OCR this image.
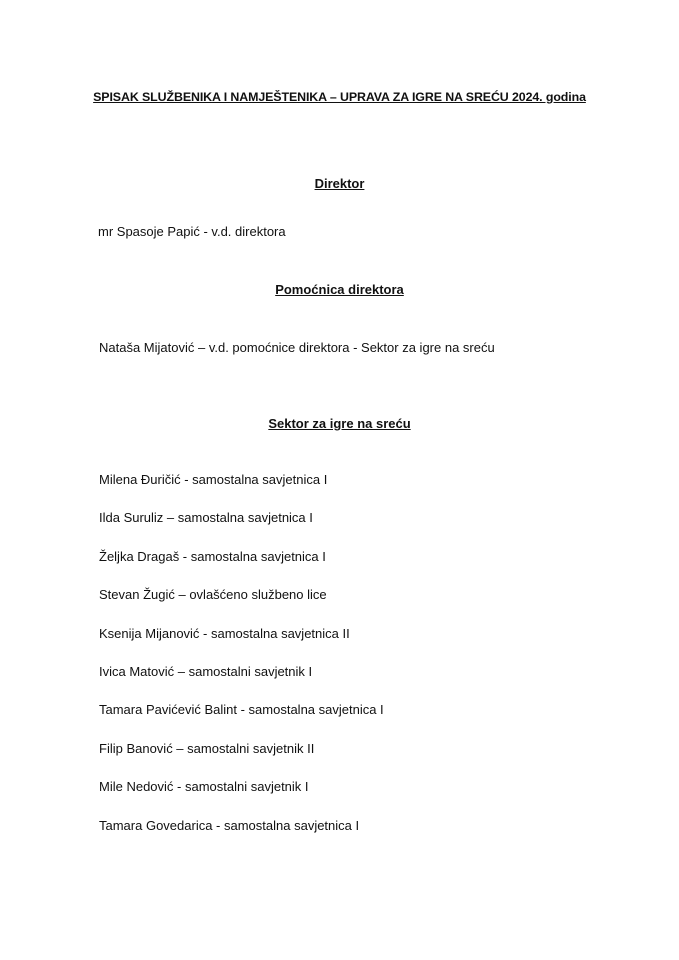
SPISAK SLUŽBENIKA I NAMJEŠTENIKA – UPRAVA ZA IGRE NA SREĆU 2024. godina
Direktor
mr Spasoje Papić - v.d. direktora
Pomoćnica direktora
Nataša Mijatović – v.d. pomoćnice direktora - Sektor za igre na sreću
Sektor za igre na sreću
Milena Đuričić - samostalna savjetnica I
Ilda Suruliz – samostalna savjetnica I
Željka Dragaš - samostalna savjetnica I
Stevan Žugić – ovlašćeno službeno lice
Ksenija Mijanović - samostalna savjetnica II
Ivica Matović – samostalni savjetnik I
Tamara Pavićević Balint - samostalna savjetnica I
Filip Banović – samostalni savjetnik II
Mile Nedović - samostalni savjetnik I
Tamara Govedarica - samostalna savjetnica I
